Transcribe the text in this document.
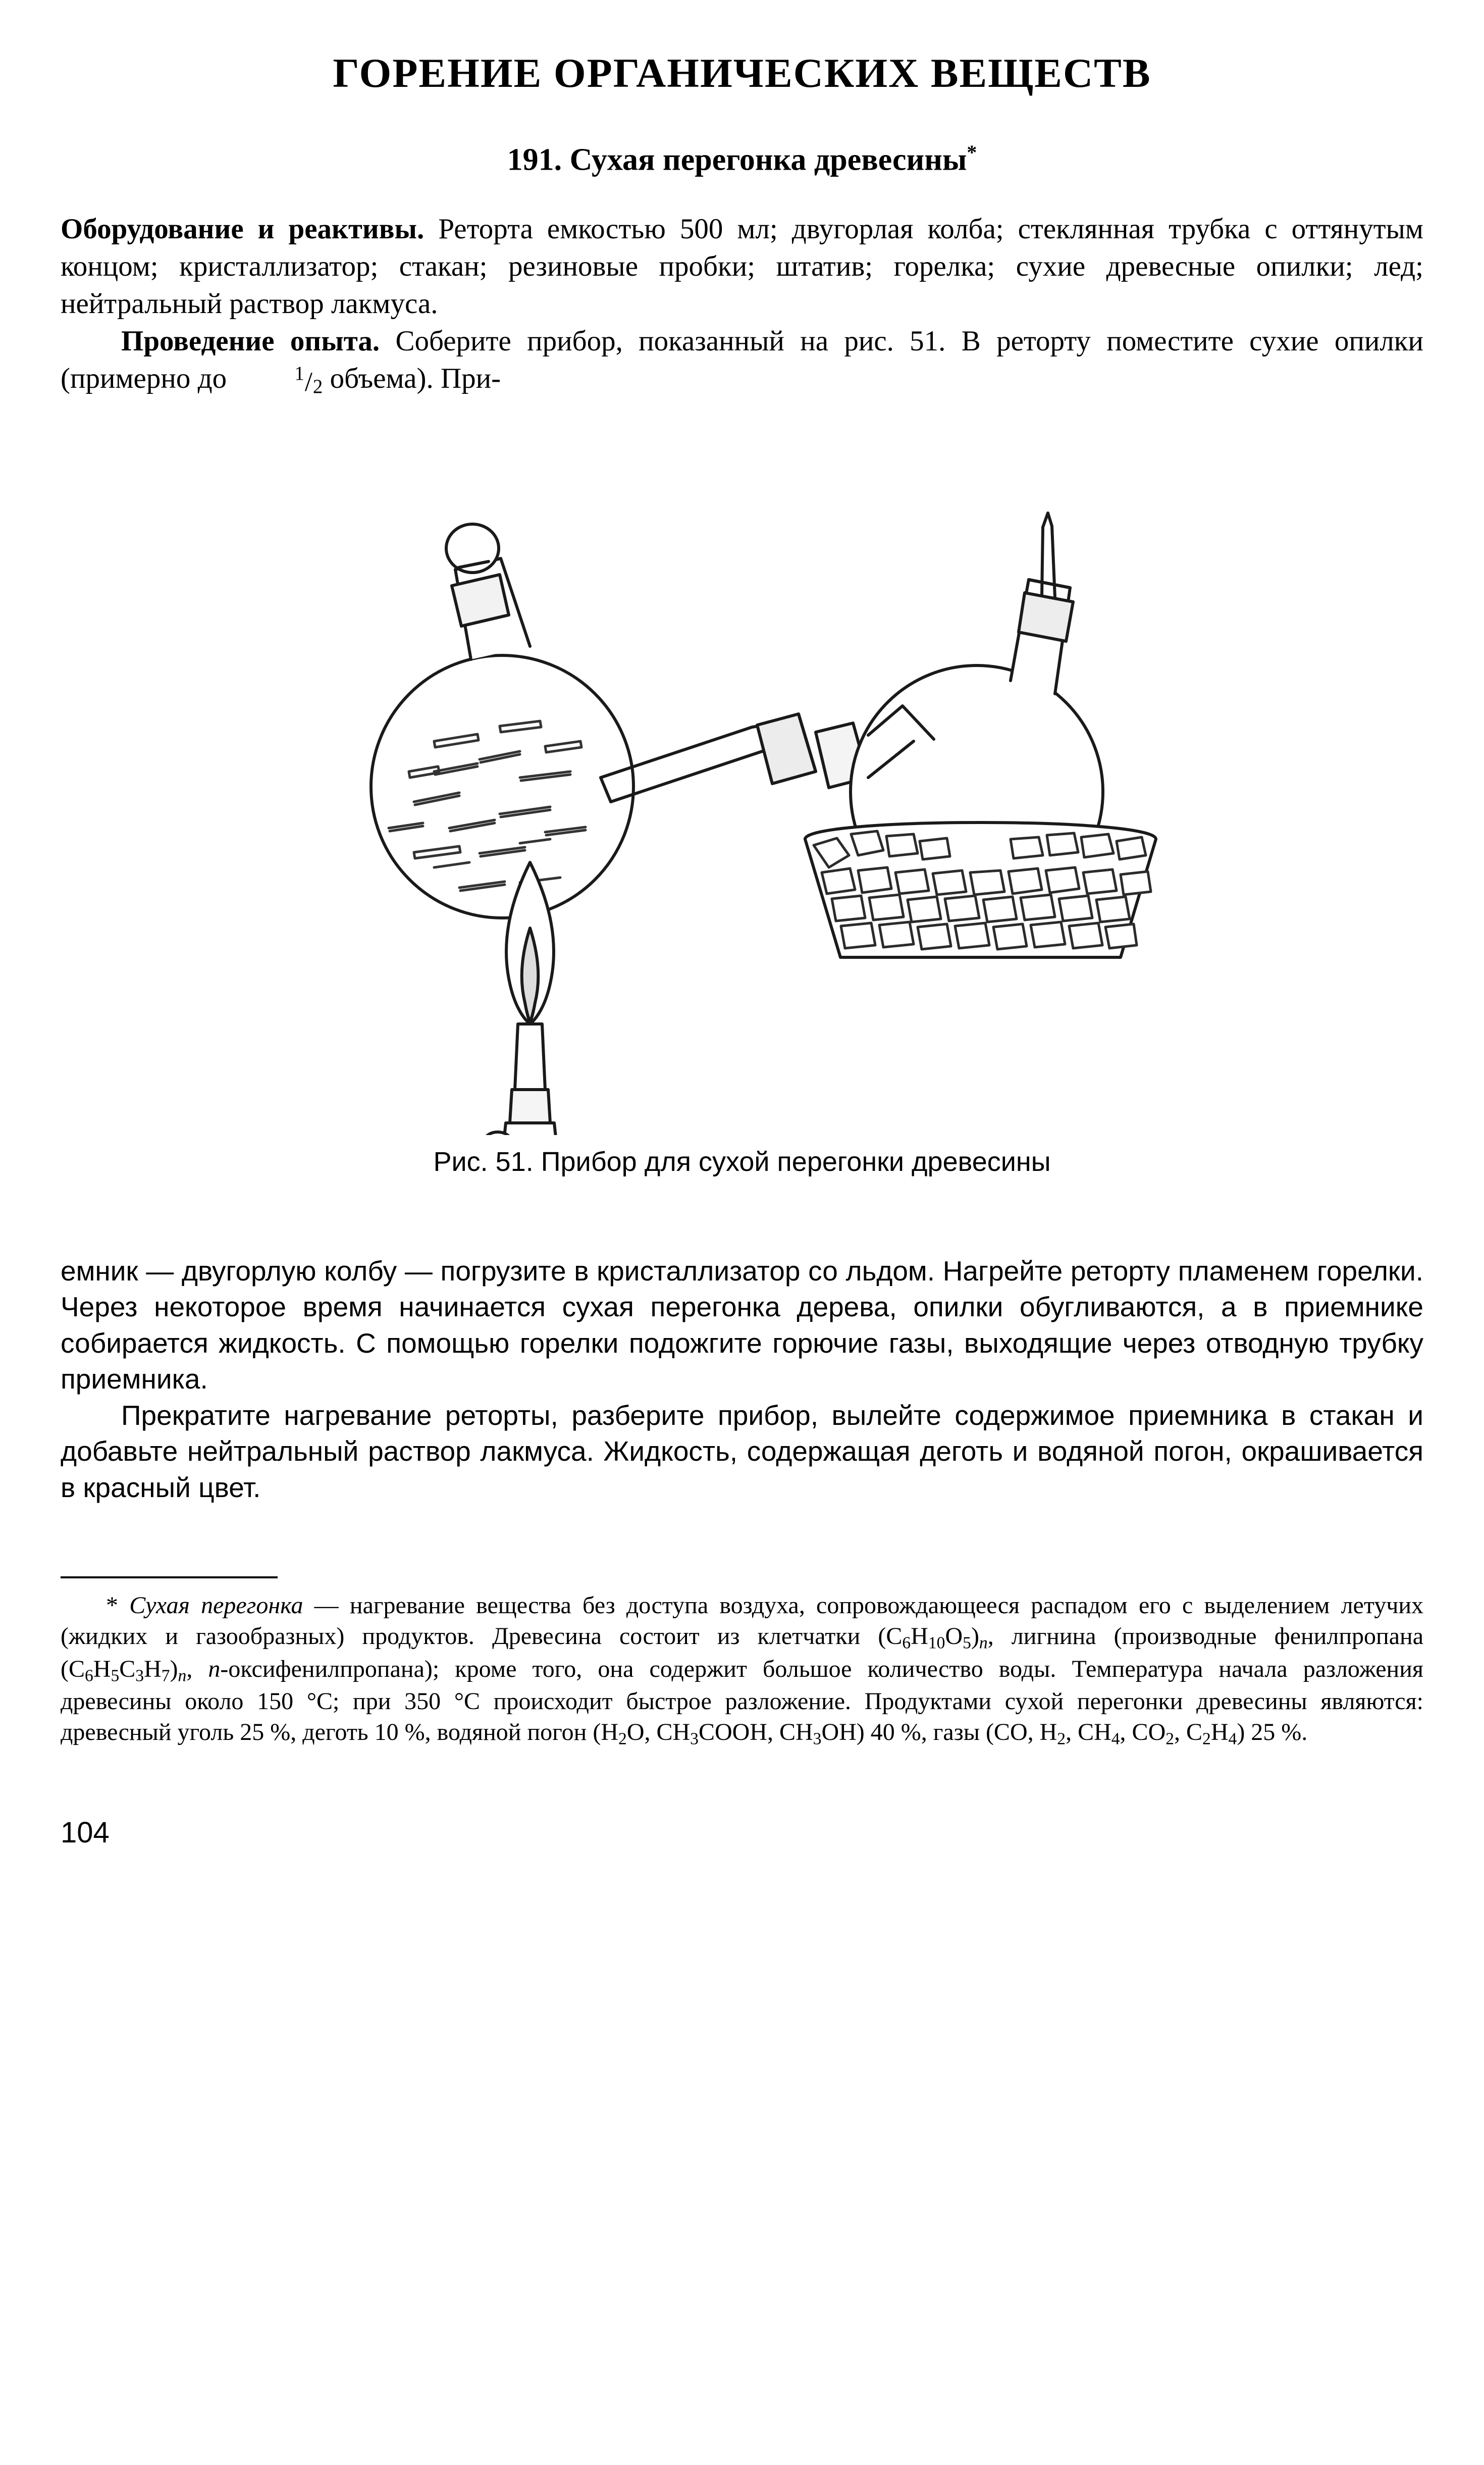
ГОРЕНИЕ ОРГАНИЧЕСКИХ ВЕЩЕСТВ
191. Сухая перегонка древесины*

Оборудование и реактивы. Реторта емкостью 500 мл; двугорлая колба; стеклянная трубка с оттянутым концом; кристаллизатор; стакан; резиновые пробки; штатив; горелка; сухие древесные опилки; лед; нейтральный раствор лакмуса.

Проведение опыта. Соберите прибор, показанный на рис. 51. В реторту поместите сухие опилки (примерно до	$^1/_2$ объема). При-

Рис. 51. Прибор для сухой перегонки древесины

емник — двугорлую колбу — погрузите в кристаллизатор со льдом. Нагрейте реторту пламенем горелки. Через некоторое время начинается сухая перегонка дерева, опилки обугливаются, а в приемнике собирается жидкость. С помощью горелки подожгите горючие газы, выходящие через отводную трубку приемника.

Прекратите нагревание реторты, разберите прибор, вылейте содержимое приемника в стакан и добавьте нейтральный раствор лакмуса. Жидкость, содержащая деготь и водяной погон, окрашивается в красный цвет.

* Сухая перегонка — нагревание вещества без доступа воздуха, сопровождающееся распадом его с выделением летучих (жидких и газообразных) продуктов. Древесина состоит из клетчатки $(C_6H_{10}O_5)_n$, лигнина (производные фенилпропана $(C_6H_5C_3H_7)_n$, п-оксифенилпропана); кроме того, она содержит большое количество воды. Температура начала разложения древесины около 150 °C; при 350 °C происходит быстрое разложение. Продуктами сухой перегонки древесины являются: древесный уголь 25 %, деготь 10 %, водяной погон ($H_2O$, $CH_3COOH$, $CH_3OH$) 40 %, газы (CO, $H_2$, $CH_4$, $CO_2$, $C_2H_4$) 25 %.

104
